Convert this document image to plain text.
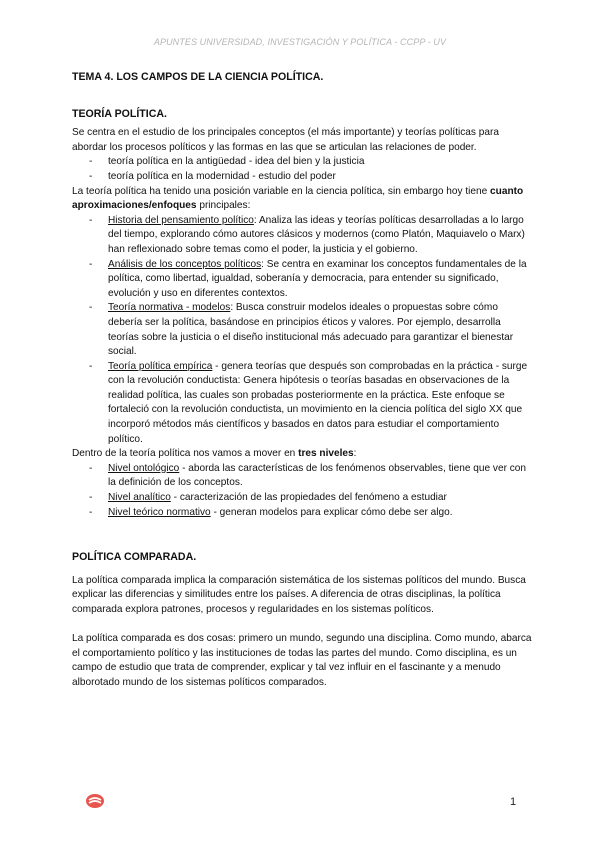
APUNTES UNIVERSIDAD, INVESTIGACIÓN Y POLÍTICA - CCPP - UV
TEMA 4. LOS CAMPOS DE LA CIENCIA POLÍTICA.
TEORÍA POLÍTICA.

Se centra en el estudio de los principales conceptos (el más importante) y teorías políticas para abordar los procesos políticos y las formas en las que se articulan las relaciones de poder.

- teoría política en la antigüedad - idea del bien y la justicia
- teoría política en la modernidad - estudio del poder

La teoría política ha tenido una posición variable en la ciencia política, sin embargo hoy tiene cuanto aproximaciones/enfoques principales:

- Historia del pensamiento político: Analiza las ideas y teorías políticas desarrolladas a lo largo del tiempo, explorando cómo autores clásicos y modernos (como Platón, Maquiavelo o Marx) han reflexionado sobre temas como el poder, la justicia y el gobierno.
- Análisis de los conceptos políticos: Se centra en examinar los conceptos fundamentales de la política, como libertad, igualdad, soberanía y democracia, para entender su significado, evolución y uso en diferentes contextos.
- Teoría normativa - modelos: Busca construir modelos ideales o propuestas sobre cómo debería ser la política, basándose en principios éticos y valores. Por ejemplo, desarrolla teorías sobre la justicia o el diseño institucional más adecuado para garantizar el bienestar social.
- Teoría política empírica - genera teorías que después son comprobadas en la práctica - surge con la revolución conductista: Genera hipótesis o teorías basadas en observaciones de la realidad política, las cuales son probadas posteriormente en la práctica. Este enfoque se fortaleció con la revolución conductista, un movimiento en la ciencia política del siglo XX que incorporó métodos más científicos y basados en datos para estudiar el comportamiento político.

Dentro de la teoría política nos vamos a mover en tres niveles:

- Nivel ontológico - aborda las características de los fenómenos observables, tiene que ver con la definición de los conceptos.
- Nivel analítico - caracterización de las propiedades del fenómeno a estudiar
- Nivel teórico normativo - generan modelos para explicar cómo debe ser algo.
POLÍTICA COMPARADA.

La política comparada implica la comparación sistemática de los sistemas políticos del mundo. Busca explicar las diferencias y similitudes entre los países. A diferencia de otras disciplinas, la política comparada explora patrones, procesos y regularidades en los sistemas políticos.

La política comparada es dos cosas: primero un mundo, segundo una disciplina. Como mundo, abarca el comportamiento político y las instituciones de todas las partes del mundo. Como disciplina, es un campo de estudio que trata de comprender, explicar y tal vez influir en el fascinante y a menudo alborotado mundo de los sistemas políticos comparados.

1
